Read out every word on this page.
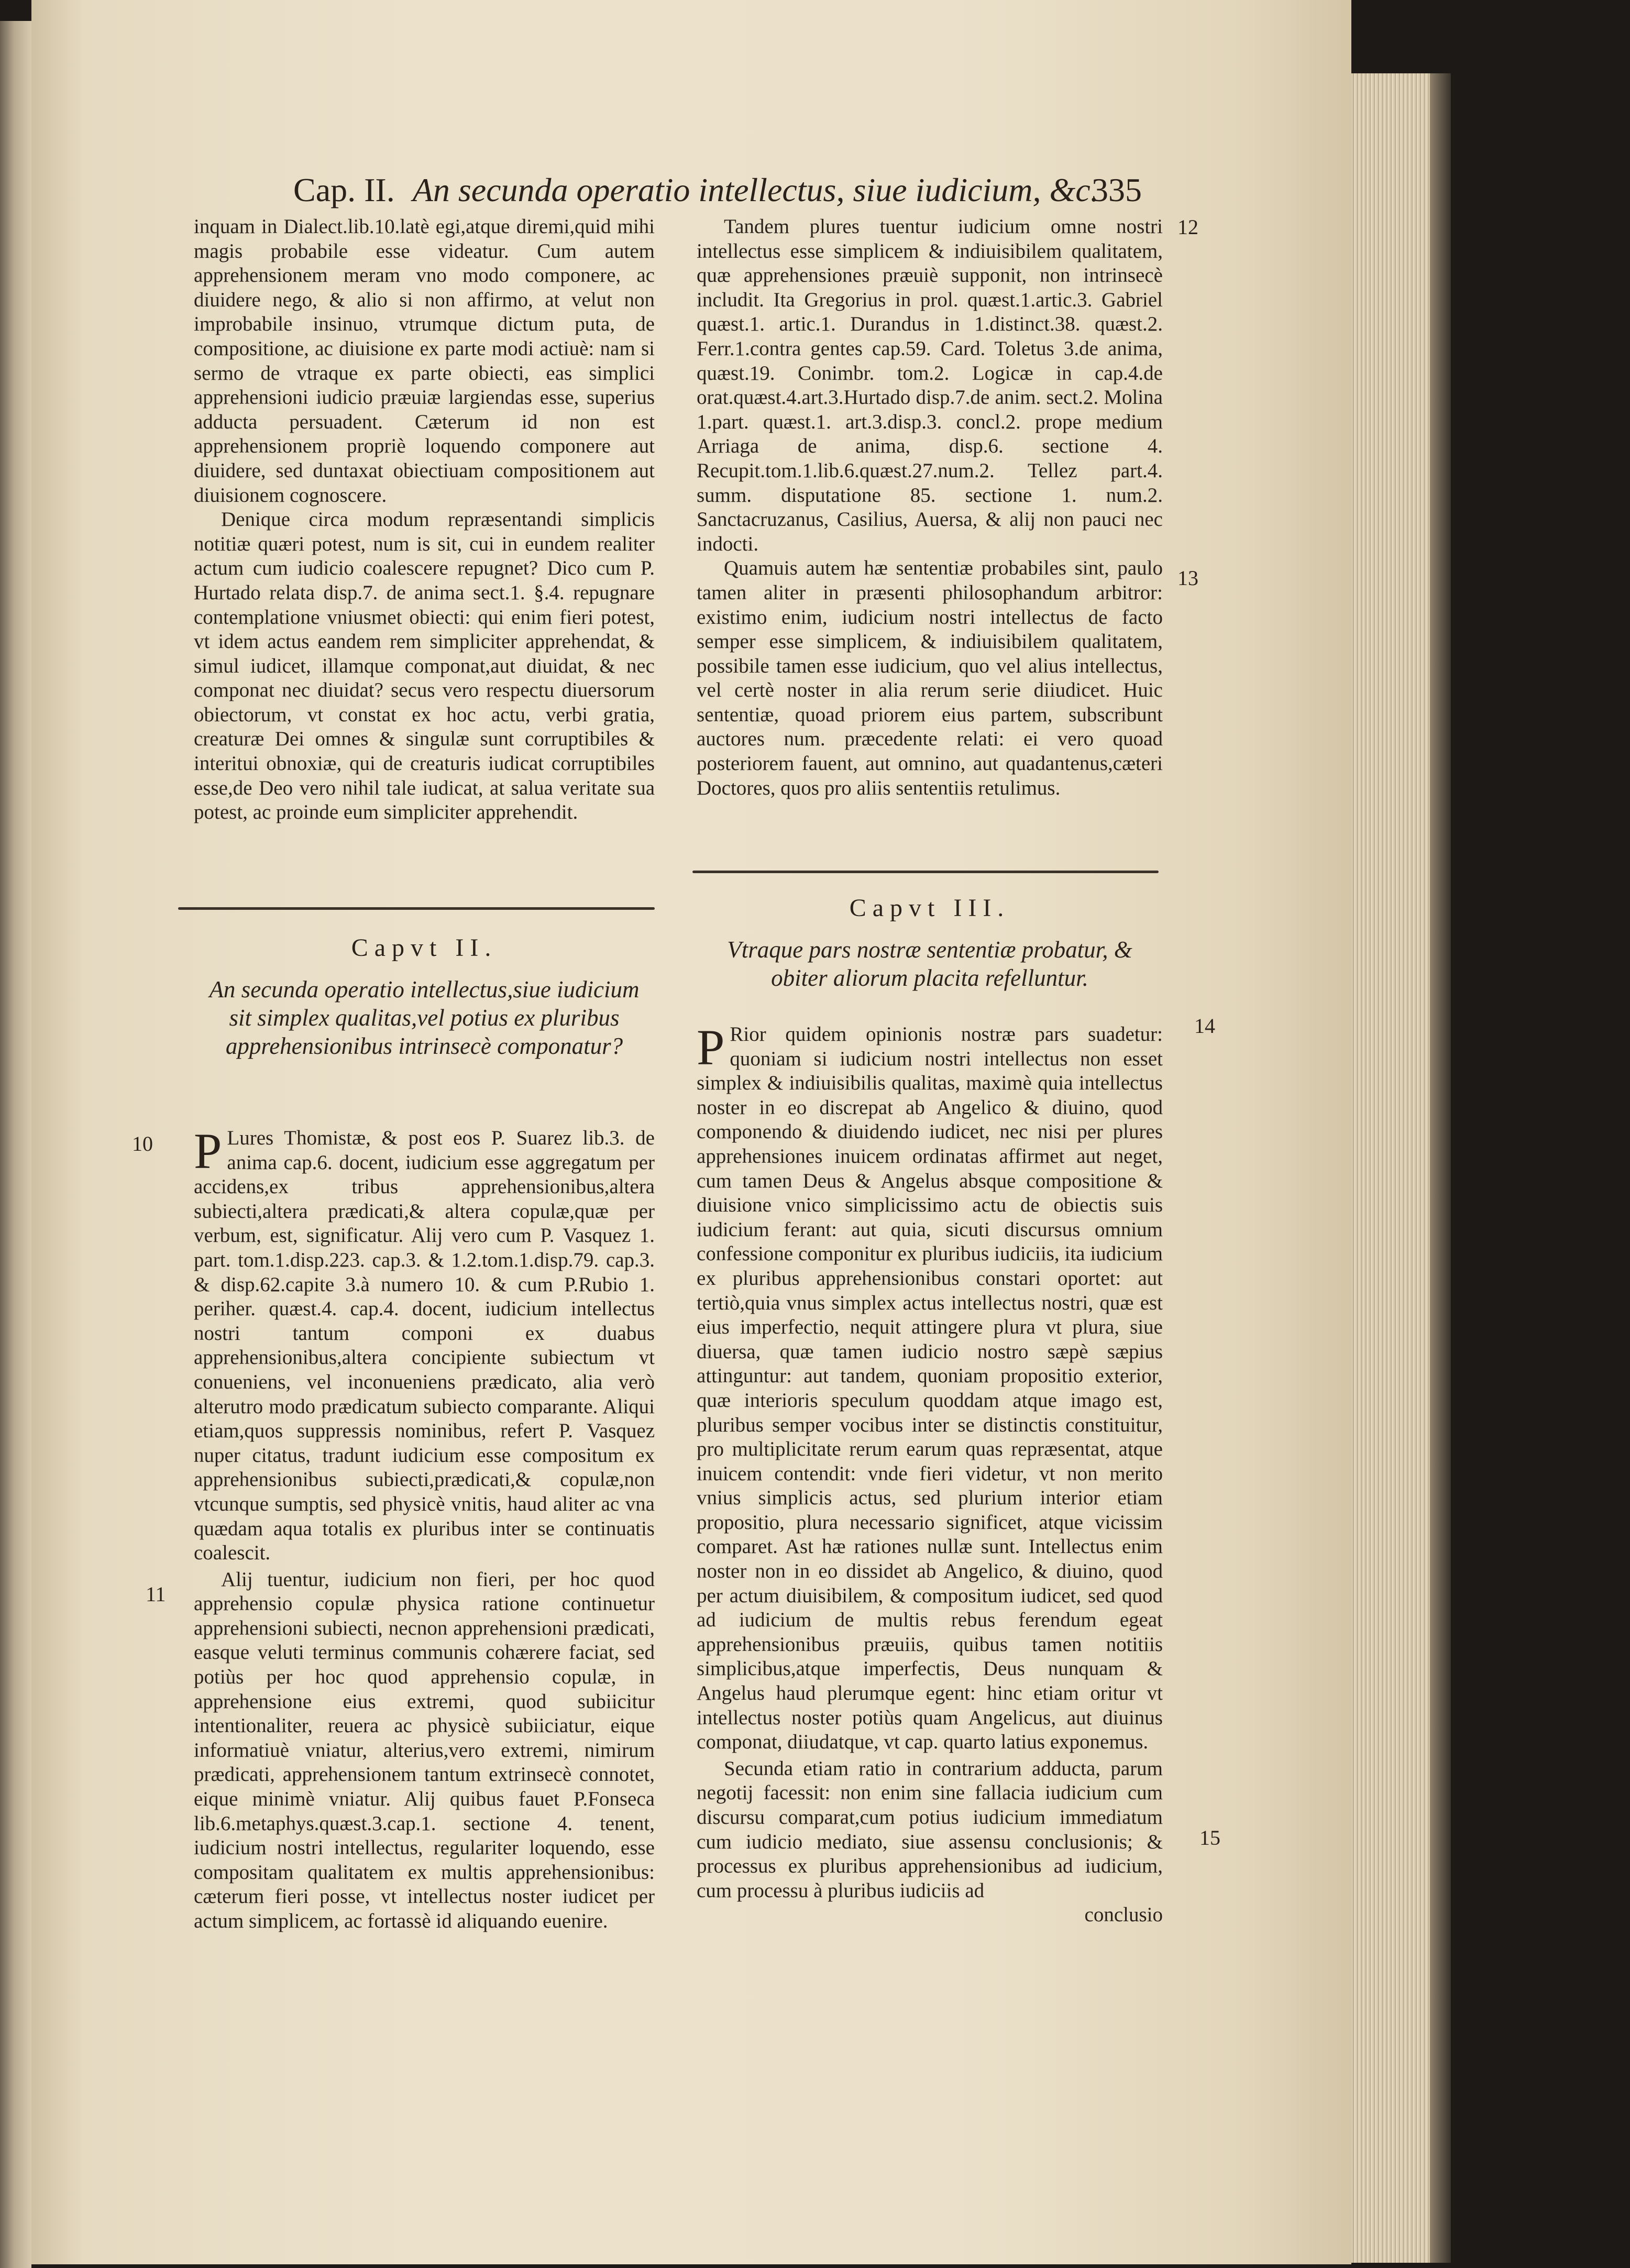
Cap. II. An secunda operatio intellectus, siue iudicium, &c.
335

inquam in Dialect.lib.10.latè egi,atque diremi,quid mihi magis probabile esse videatur. Cum autem apprehensionem meram vno modo componere, ac diuidere nego, & alio si non affirmo, at velut non improbabile insinuo, vtrumque dictum puta, de compositione, ac diuisione ex parte modi actiuè: nam si sermo de vtraque ex parte obiecti, eas simplici apprehensioni iudicio præuiæ largiendas esse, superius adducta persuadent. Cæterum id non est apprehensionem propriè loquendo componere aut diuidere, sed duntaxat obiectiuam compositionem aut diuisionem cognoscere.

Denique circa modum repræsentandi simplicis notitiæ quæri potest, num is sit, cui in eundem realiter actum cum iudicio coalescere repugnet? Dico cum P. Hurtado relata disp.7. de anima sect.1. §.4. repugnare contemplatione vniusmet obiecti: qui enim fieri potest, vt idem actus eandem rem simpliciter apprehendat, & simul iudicet, illamque componat,aut diuidat, & nec componat nec diuidat? secus vero respectu diuersorum obiectorum, vt constat ex hoc actu, verbi gratia, creaturæ Dei omnes & singulæ sunt corruptibiles & interitui obnoxiæ, qui de creaturis iudicat corruptibiles esse,de Deo vero nihil tale iudicat, at salua veritate sua potest, ac proinde eum simpliciter apprehendit.

Capvt II.
An secunda operatio intellectus,siue iudicium sit simplex qualitas,vel potius ex pluribus apprehensionibus intrinsecè componatur?

P Lures Thomistæ, & post eos P. Suarez lib.3. de anima cap.6. docent, iudicium esse aggregatum per accidens,ex tribus apprehensionibus,altera subiecti,altera prædicati,& altera copulæ,quæ per verbum, est, significatur. Alij vero cum P. Vasquez 1. part. tom.1.disp.223. cap.3. & 1.2.tom.1.disp.79. cap.3. & disp.62.capite 3.à numero 10. & cum P.Rubio 1. periher. quæst.4. cap.4. docent, iudicium intellectus nostri tantum componi ex duabus apprehensionibus,altera concipiente subiectum vt conueniens, vel inconueniens prædicato, alia verò alterutro modo prædicatum subiecto comparante. Aliqui etiam,quos suppressis nominibus, refert P. Vasquez nuper citatus, tradunt iudicium esse compositum ex apprehensionibus subiecti,prædicati,& copulæ,non vtcunque sumptis, sed physicè vnitis, haud aliter ac vna quædam aqua totalis ex pluribus inter se continuatis coalescit.

Alij tuentur, iudicium non fieri, per hoc quod apprehensio copulæ physica ratione continuetur apprehensioni subiecti, necnon apprehensioni prædicati, easque veluti terminus communis cohærere faciat, sed potiùs per hoc quod apprehensio copulæ, in apprehensione eius extremi, quod subiicitur intentionaliter, reuera ac physicè subiiciatur, eique informatiuè vniatur, alterius,vero extremi, nimirum prædicati, apprehensionem tantum extrinsecè connotet, eique minimè vniatur. Alij quibus fauet P.Fonseca lib.6.metaphys.quæst.3.cap.1. sectione 4. tenent, iudicium nostri intellectus, regulariter loquendo, esse compositam qualitatem ex multis apprehensionibus: cæterum fieri posse, vt intellectus noster iudicet per actum simplicem, ac fortassè id aliquando euenire.

10
11

Tandem plures tuentur iudicium omne nostri intellectus esse simplicem & indiuisibilem qualitatem, quæ apprehensiones præuiè supponit, non intrinsecè includit. Ita Gregorius in prol. quæst.1.artic.3. Gabriel quæst.1. artic.1. Durandus in 1.distinct.38. quæst.2. Ferr.1.contra gentes cap.59. Card. Toletus 3.de anima, quæst.19. Conimbr. tom.2. Logicæ in cap.4.de orat.quæst.4.art.3.Hurtado disp.7.de anim. sect.2. Molina 1.part. quæst.1. art.3.disp.3. concl.2. prope medium Arriaga de anima, disp.6. sectione 4. Recupit.tom.1.lib.6.quæst.27.num.2. Tellez part.4. summ. disputatione 85. sectione 1. num.2. Sanctacruzanus, Casilius, Auersa, & alij non pauci nec indocti.

Quamuis autem hæ sententiæ probabiles sint, paulo tamen aliter in præsenti philosophandum arbitror: existimo enim, iudicium nostri intellectus de facto semper esse simplicem, & indiuisibilem qualitatem, possibile tamen esse iudicium, quo vel alius intellectus, vel certè noster in alia rerum serie diiudicet. Huic sententiæ, quoad priorem eius partem, subscribunt auctores num. præcedente relati: ei vero quoad posteriorem fauent, aut omnino, aut quadantenus,cæteri Doctores, quos pro aliis sententiis retulimus.

Capvt III.
Vtraque pars nostræ sententiæ probatur, & obiter aliorum placita refelluntur.

P Rior quidem opinionis nostræ pars suadetur: quoniam si iudicium nostri intellectus non esset simplex & indiuisibilis qualitas, maximè quia intellectus noster in eo discrepat ab Angelico & diuino, quod componendo & diuidendo iudicet, nec nisi per plures apprehensiones inuicem ordinatas affirmet aut neget, cum tamen Deus & Angelus absque compositione & diuisione vnico simplicissimo actu de obiectis suis iudicium ferant: aut quia, sicuti discursus omnium confessione componitur ex pluribus iudiciis, ita iudicium ex pluribus apprehensionibus constari oportet: aut tertiò,quia vnus simplex actus intellectus nostri, quæ est eius imperfectio, nequit attingere plura vt plura, siue diuersa, quæ tamen iudicio nostro sæpè sæpius attinguntur: aut tandem, quoniam propositio exterior, quæ interioris speculum quoddam atque imago est, pluribus semper vocibus inter se distinctis constituitur, pro multiplicitate rerum earum quas repræsentat, atque inuicem contendit: vnde fieri videtur, vt non merito vnius simplicis actus, sed plurium interior etiam propositio, plura necessario significet, atque vicissim comparet. Ast hæ rationes nullæ sunt. Intellectus enim noster non in eo dissidet ab Angelico, & diuino, quod per actum diuisibilem, & compositum iudicet, sed quod ad iudicium de multis rebus ferendum egeat apprehensionibus præuiis, quibus tamen notitiis simplicibus,atque imperfectis, Deus nunquam & Angelus haud plerumque egent: hinc etiam oritur vt intellectus noster potiùs quam Angelicus, aut diuinus componat, diiudatque, vt cap. quarto latius exponemus.

Secunda etiam ratio in contrarium adducta, parum negotij facessit: non enim sine fallacia iudicium cum discursu comparat,cum potius iudicium immediatum cum iudicio mediato, siue assensu conclusionis; & processus ex pluribus apprehensionibus ad iudicium, cum processu à pluribus iudiciis ad

conclusio

12
13
14
15
